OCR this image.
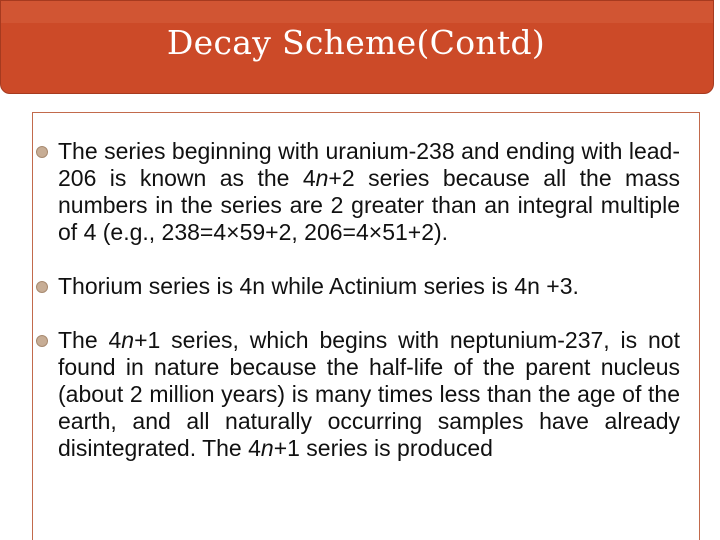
Decay Scheme(Contd)
The series beginning with uranium-238 and ending with lead-206 is known as the 4n+2 series because all the mass numbers in the series are 2 greater than an integral multiple of 4 (e.g., 238=4×59+2, 206=4×51+2).
Thorium series is 4n while Actinium series is 4n +3.
The 4n+1 series, which begins with neptunium-237, is not found in nature because the half-life of the parent nucleus (about 2 million years) is many times less than the age of the earth, and all naturally occurring samples have already disintegrated. The 4n+1 series is produced
